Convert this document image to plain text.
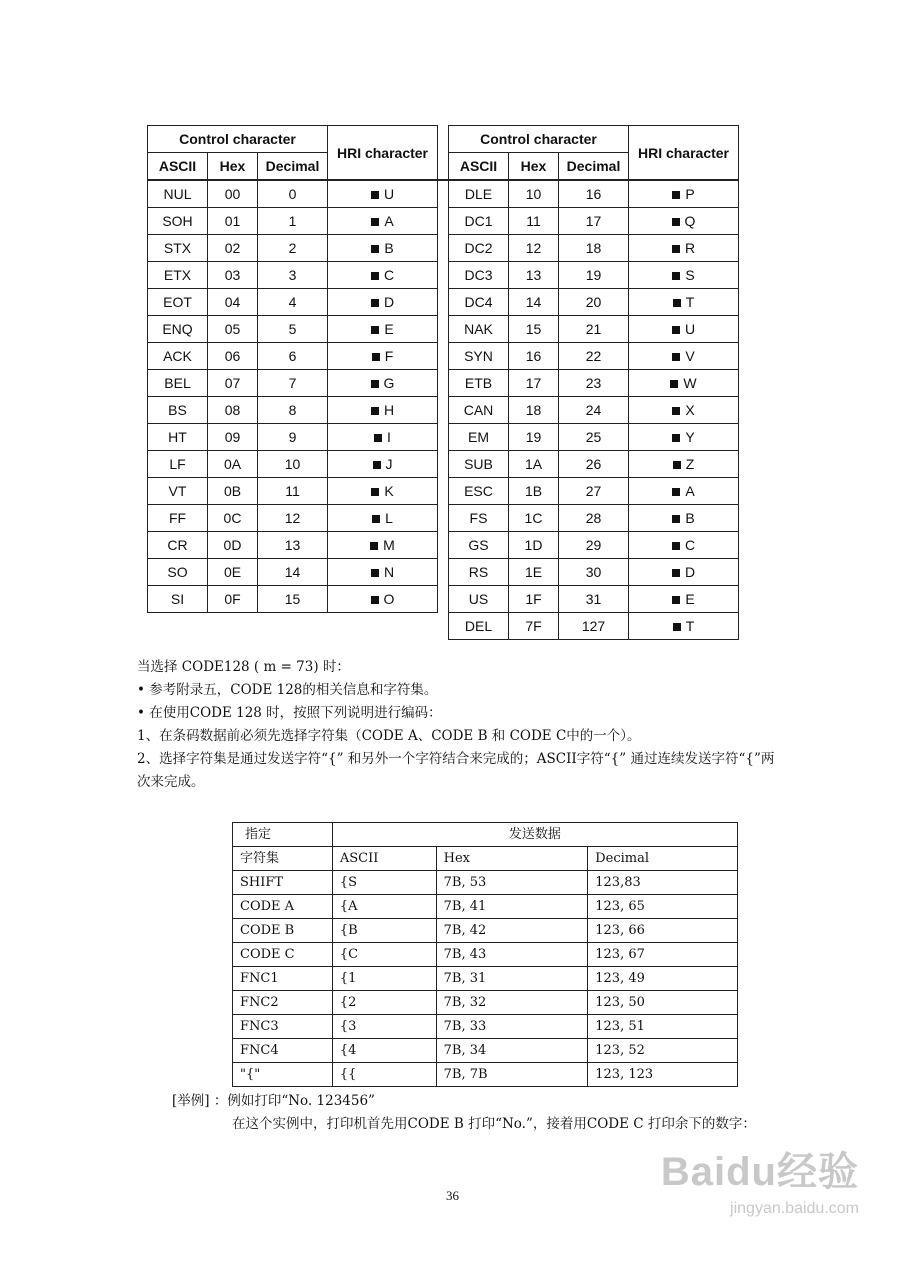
Control character			HRI character		Control character			HRI character
ASCII	Hex	Decimal			ASCII	Hex	Decimal	
NUL	00	0	U		DLE	10	16	P
SOH	01	1	A		DC1	11	17	Q
STX	02	2	B		DC2	12	18	R
ETX	03	3	C		DC3	13	19	S
EOT	04	4	D		DC4	14	20	T
ENQ	05	5	E		NAK	15	21	U
ACK	06	6	F		SYN	16	22	V
BEL	07	7	G		ETB	17	23	W
BS	08	8	H		CAN	18	24	X
HT	09	9	I		EM	19	25	Y
LF	0A	10	J		SUB	1A	26	Z
VT	0B	11	K		ESC	1B	27	A
FF	0C	12	L		FS	1C	28	B
CR	0D	13	M		GS	1D	29	C
SO	0E	14	N		RS	1E	30	D
SI	0F	15	O		US	1F	31	E
					DEL	7F	127	T

当选择 CODE128 ( m = 73) 时：

• 参考附录五，CODE 128的相关信息和字符集。

• 在使用CODE 128 时，按照下列说明进行编码：

1、在条码数据前必须先选择字符集（CODE A、CODE B 和 CODE C中的一个）。

2、选择字符集是通过发送字符“{” 和另外一个字符结合来完成的；ASCII字符“{” 通过连续发送字符“{”两次来完成。

指定	发送数据		
字符集	ASCII	Hex	Decimal
SHIFT	{S	7B, 53	123,83
CODE A	{A	7B, 41	123, 65
CODE B	{B	7B, 42	123, 66
CODE C	{C	7B, 43	123, 67
FNC1	{1	7B, 31	123, 49
FNC2	{2	7B, 32	123, 50
FNC3	{3	7B, 33	123, 51
FNC4	{4	7B, 34	123, 52
"{"	{{	7B, 7B	123, 123

[举例] ：例如打印“No. 123456”

在这个实例中，打印机首先用CODE B 打印“No.”，接着用CODE C 打印余下的数字：

36
Baidu经验
jingyan.baidu.com
